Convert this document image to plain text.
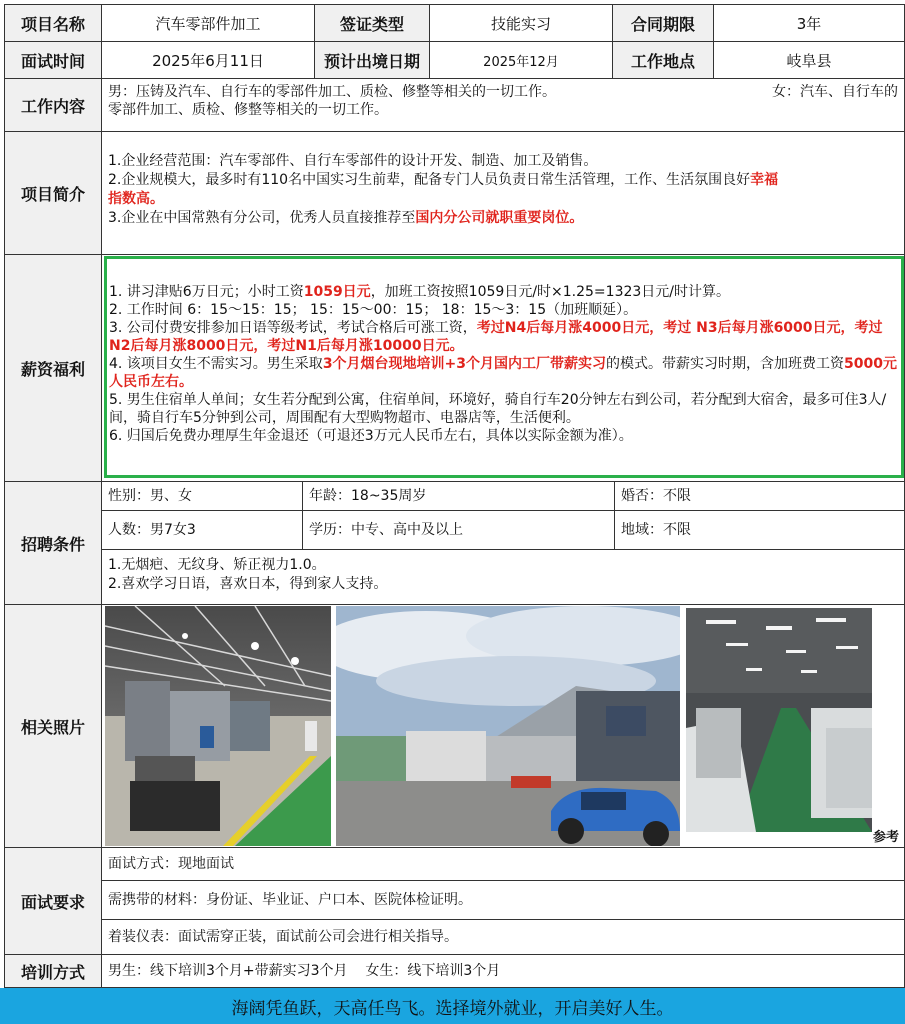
项目名称	汽车零部件加工	签证类型	技能实习	合同期限	3年
面试时间	2025年6月11日	预计出境日期	2025年12月	工作地点	岐阜县
工作内容
男：压铸及汽车、自行车的零部件加工、质检、修整等相关的一切工作。	女：汽车、自行车的
零部件加工、质检、修整等相关的一切工作。
项目简介
1.企业经营范围：汽车零部件、自行车零部件的设计开发、制造、加工及销售。
2.企业规模大，最多时有110名中国实习生前辈，配备专门人员负责日常生活管理，工作、生活氛围良好幸福
指数高。
3.企业在中国常熟有分公司，优秀人员直接推荐至国内分公司就职重要岗位。
薪资福利
1. 讲习津贴6万日元；小时工资1059日元，加班工资按照1059日元/时×1.25=1323日元/时计算。
2. 工作时间 6：15～15：15； 15：15～00：15； 18：15～3：15（加班顺延）。
3. 公司付费安排参加日语等级考试，考试合格后可涨工资，考过N4后每月涨4000日元，考过 N3后每月涨6000日元，考过N2后每月涨8000日元，考过N1后每月涨10000日元。
4. 该项目女生不需实习。男生采取3个月烟台现地培训+3个月国内工厂带薪实习的模式。带薪实习时期，含加班费工资5000元人民币左右。
5. 男生住宿单人单间；女生若分配到公寓，住宿单间，环境好，骑自行车20分钟左右到公司，若分配到大宿舍，最多可住3人/间，骑自行车5分钟到公司，周围配有大型购物超市、电器店等，生活便利。
6. 归国后免费办理厚生年金退还（可退还3万元人民币左右，具体以实际金额为准）。
招聘条件
性别：男、女	年龄：18~35周岁	婚否：不限
人数：男7女3	学历：中专、高中及以上	地域：不限
1.无烟疤、无纹身、矫正视力1.0。
2.喜欢学习日语，喜欢日本，得到家人支持。
相关照片
参考
面试要求
面试方式：现地面试
需携带的材料：身份证、毕业证、户口本、医院体检证明。
着装仪表：面试需穿正装，面试前公司会进行相关指导。
培训方式	男生：线下培训3个月+带薪实习3个月    女生：线下培训3个月
海阔凭鱼跃，天高任鸟飞。选择境外就业，开启美好人生。
